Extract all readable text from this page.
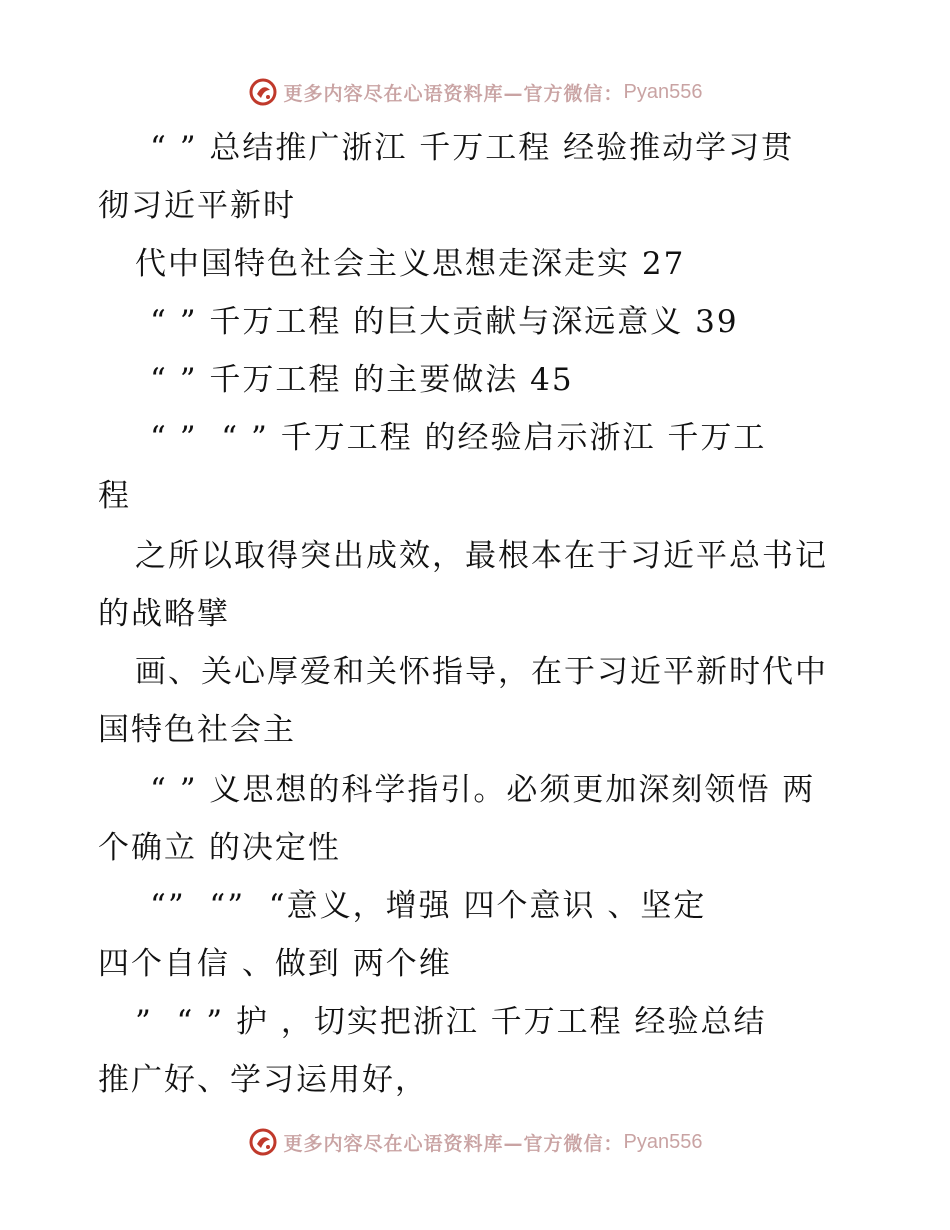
更多内容尽在心语资料库—官方微信： Pyan556
“ ” 总结推广浙江 千万工程 经验推动学习贯
彻习近平新时
代中国特色社会主义思想走深走实 27
“ ” 千万工程 的巨大贡献与深远意义 39
“ ” 千万工程 的主要做法 45
“ ”  “ ” 千万工程 的经验启示浙江 千万工
程
之所以取得突出成效，最根本在于习近平总书记
的战略擘
画、关心厚爱和关怀指导，在于习近平新时代中
国特色社会主
“ ” 义思想的科学指引。必须更加深刻领悟 两
个确立 的决定性
“”  “”  “意义，增强 四个意识 、坚定
四个自信 、做到 两个维
”  “ ” 护 ，切实把浙江 千万工程 经验总结
推广好、学习运用好，
更多内容尽在心语资料库—官方微信： Pyan556
